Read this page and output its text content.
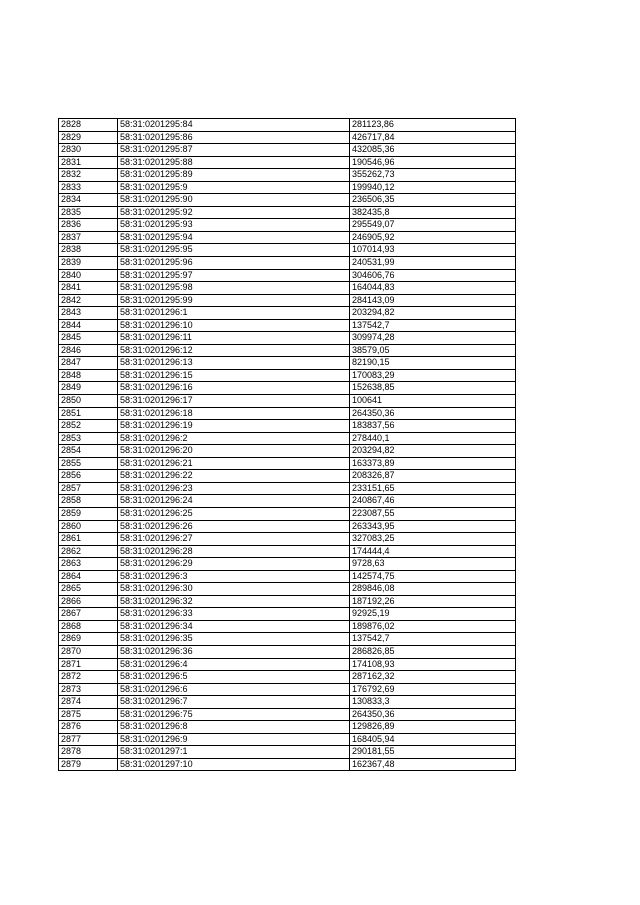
2828	58:31:0201295:84	281123,86
2829	58:31:0201295:86	426717,84
2830	58:31:0201295:87	432085,36
2831	58:31:0201295:88	190546,96
2832	58:31:0201295:89	355262,73
2833	58:31:0201295:9	199940,12
2834	58:31:0201295:90	236506,35
2835	58:31:0201295:92	382435,8
2836	58:31:0201295:93	295549,07
2837	58:31:0201295:94	246905,92
2838	58:31:0201295:95	107014,93
2839	58:31:0201295:96	240531,99
2840	58:31:0201295:97	304606,76
2841	58:31:0201295:98	164044,83
2842	58:31:0201295:99	284143,09
2843	58:31:0201296:1	203294,82
2844	58:31:0201296:10	137542,7
2845	58:31:0201296:11	309974,28
2846	58:31:0201296:12	38579,05
2847	58:31:0201296:13	82190,15
2848	58:31:0201296:15	170083,29
2849	58:31:0201296:16	152638,85
2850	58:31:0201296:17	100641
2851	58:31:0201296:18	264350,36
2852	58:31:0201296:19	183837,56
2853	58:31:0201296:2	278440,1
2854	58:31:0201296:20	203294,82
2855	58:31:0201296:21	163373,89
2856	58:31:0201296:22	208326,87
2857	58:31:0201296:23	233151,65
2858	58:31:0201296:24	240867,46
2859	58:31:0201296:25	223087,55
2860	58:31:0201296:26	263343,95
2861	58:31:0201296:27	327083,25
2862	58:31:0201296:28	174444,4
2863	58:31:0201296:29	9728,63
2864	58:31:0201296:3	142574,75
2865	58:31:0201296:30	289846,08
2866	58:31:0201296:32	187192,26
2867	58:31:0201296:33	92925,19
2868	58:31:0201296:34	189876,02
2869	58:31:0201296:35	137542,7
2870	58:31:0201296:36	286826,85
2871	58:31:0201296:4	174108,93
2872	58:31:0201296:5	287162,32
2873	58:31:0201296:6	176792,69
2874	58:31:0201296:7	130833,3
2875	58:31:0201296:75	264350,36
2876	58:31:0201296:8	129826,89
2877	58:31:0201296:9	168405,94
2878	58:31:0201297:1	290181,55
2879	58:31:0201297:10	162367,48
